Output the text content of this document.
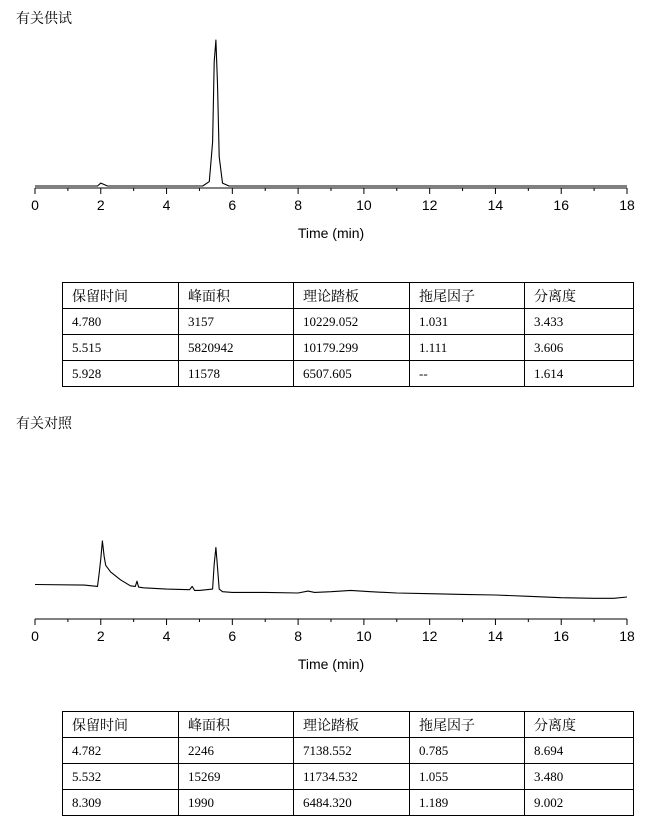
有关供试
0	2	4	6	8	10	12	14	16	18
Time (min)
保留时间	峰面积	理论踏板	拖尾因子	分离度
4.780	3157	10229.052	1.031	3.433
5.515	5820942	10179.299	1.111	3.606
5.928	11578	6507.605	--	1.614
有关对照
0	2	4	6	8	10	12	14	16	18
Time (min)
保留时间	峰面积	理论踏板	拖尾因子	分离度
4.782	2246	7138.552	0.785	8.694
5.532	15269	11734.532	1.055	3.480
8.309	1990	6484.320	1.189	9.002
